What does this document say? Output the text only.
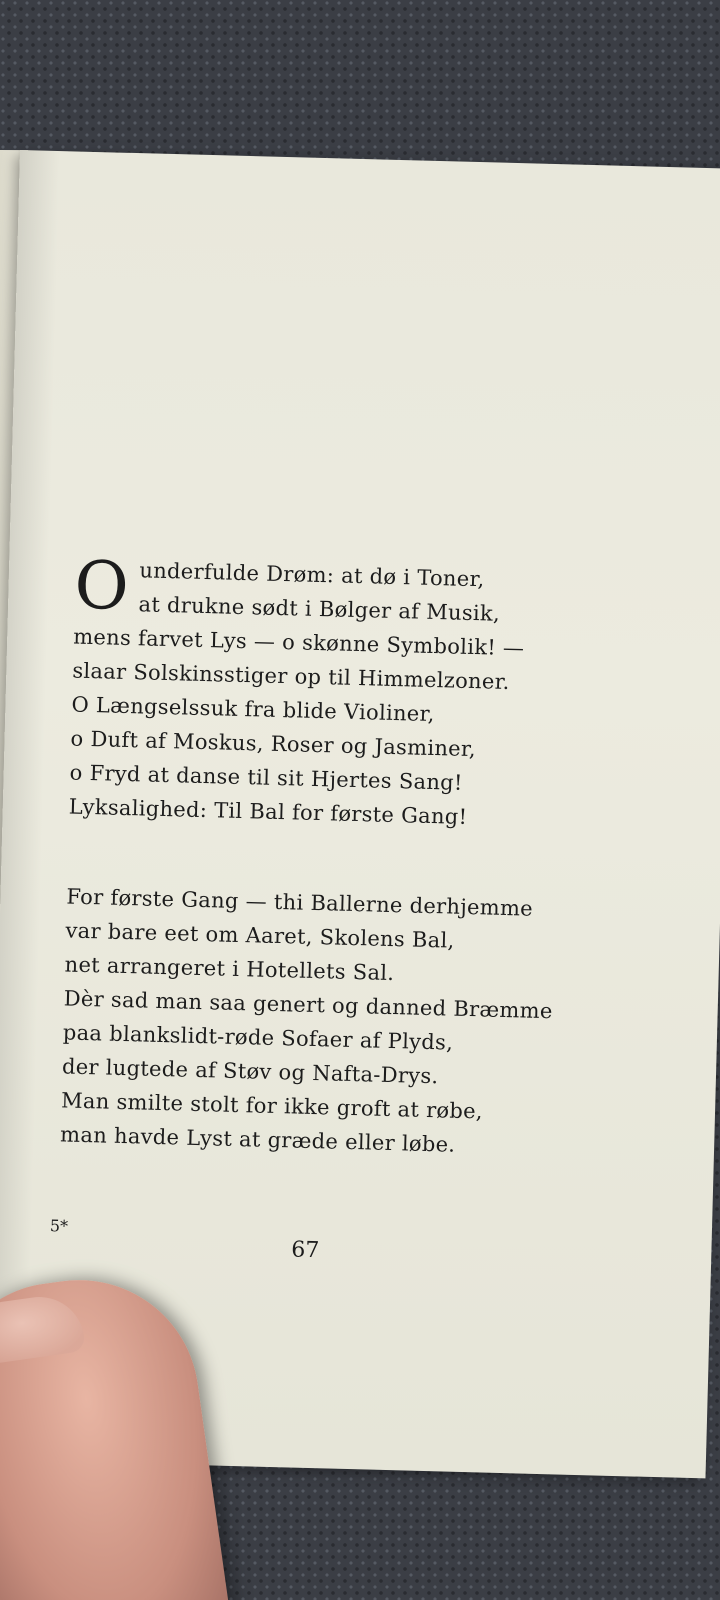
O underfulde Drøm: at dø i Toner,
at drukne sødt i Bølger af Musik,
mens farvet Lys — o skønne Symbolik! —
slaar Solskinsstiger op til Himmelzoner.
O Længselssuk fra blide Violiner,
o Duft af Moskus, Roser og Jasminer,
o Fryd at danse til sit Hjertes Sang!
Lyksalighed: Til Bal for første Gang!
For første Gang — thi Ballerne derhjemme
var bare eet om Aaret, Skolens Bal,
net arrangeret i Hotellets Sal.
Dèr sad man saa genert og danned Bræmme
paa blankslidt-røde Sofaer af Plyds,
der lugtede af Støv og Nafta-Drys.
Man smilte stolt for ikke groft at røbe,
man havde Lyst at græde eller løbe.
5*
67
